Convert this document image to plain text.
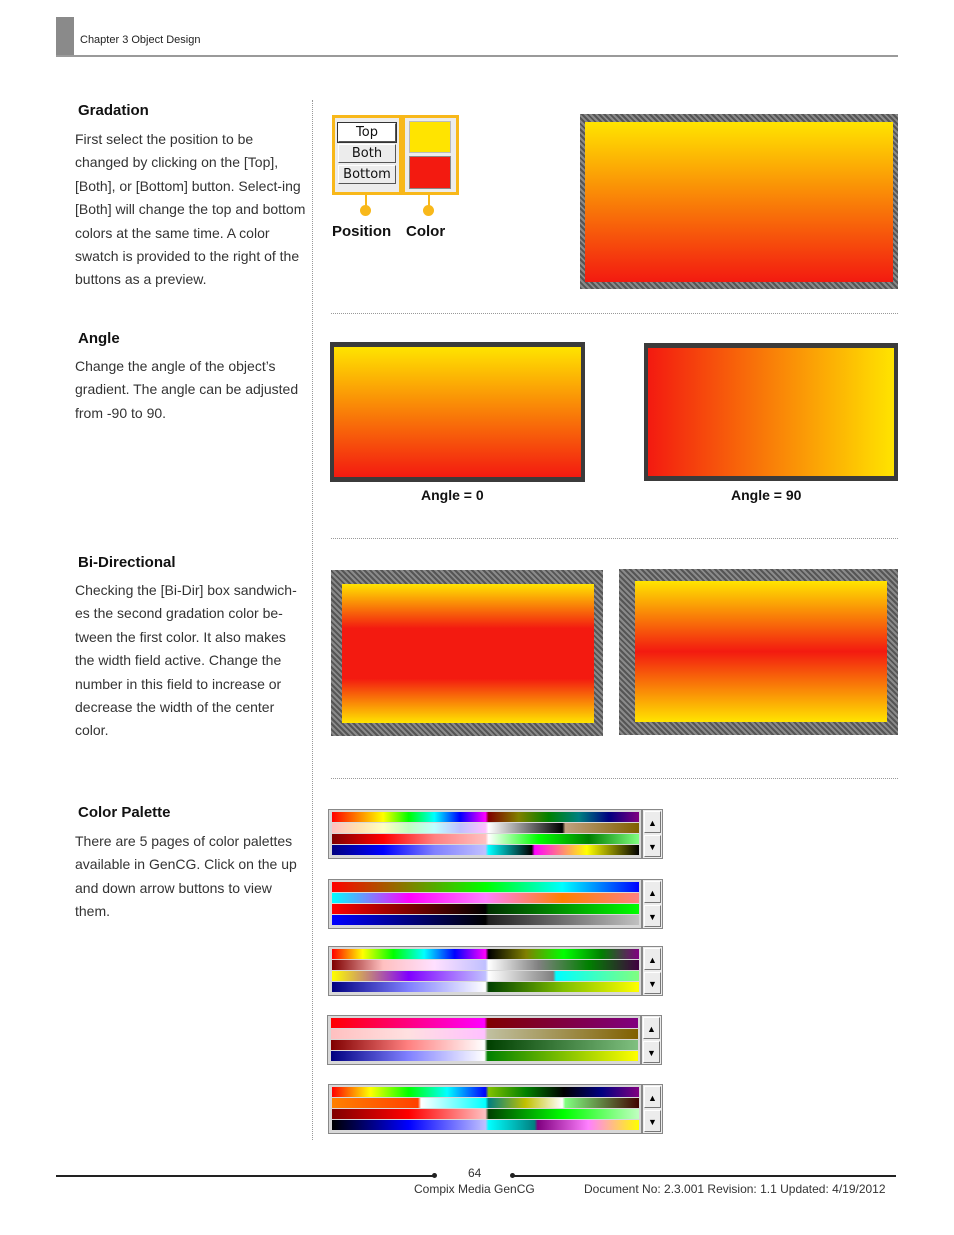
Chapter 3 Object Design
Gradation
First select the position to be changed by clicking on the [Top], [Both], or [Bottom] button. Select-ing [Both] will change the top and bottom colors at the same time. A color swatch is provided to the right of the buttons as a preview.
Top
Both
Bottom
Position Color
Angle
Change the angle of the object’s gradient. The angle can be adjusted from -90 to 90.
Angle = 0	Angle = 90
Bi-Directional
Checking the [Bi-Dir] box sandwich-es the second gradation color be-tween the first color. It also makes the width field active. Change the number in this field to increase or decrease the width of the center color.
Color Palette
There are 5 pages of color palettes available in GenCG. Click on the up and down arrow buttons to view them.
▲
▼
▲
▼
▲
▼
▲
▼
▲
▼
64
Compix Media GenCG	Document No: 2.3.001 Revision: 1.1 Updated: 4/19/2012
